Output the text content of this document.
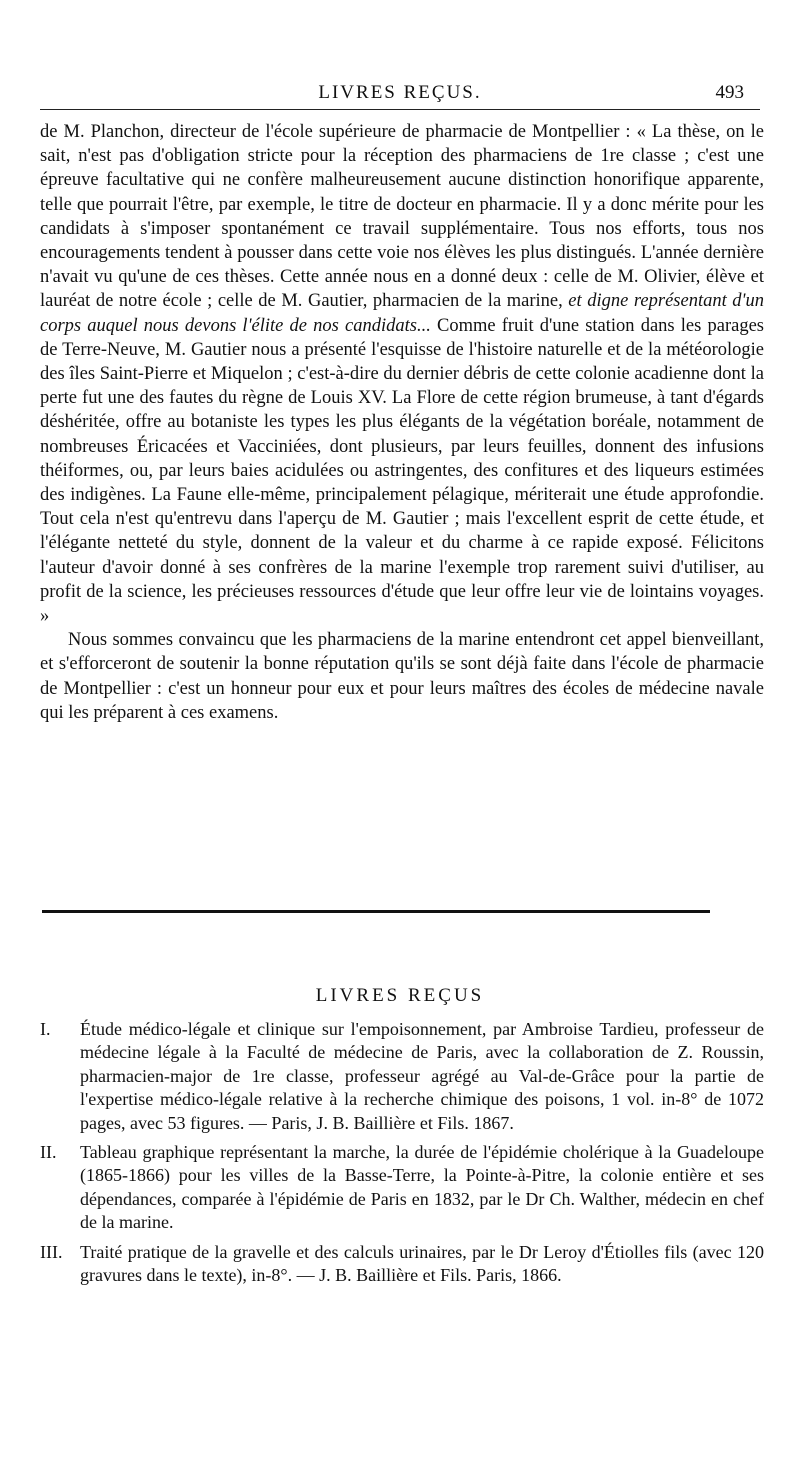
LIVRES REÇUS.	493

de M. Planchon, directeur de l'école supérieure de pharmacie de Montpellier : « La thèse, on le sait, n'est pas d'obligation stricte pour la réception des pharmaciens de 1re classe ; c'est une épreuve facultative qui ne confère malheureusement aucune distinction honorifique apparente, telle que pourrait l'être, par exemple, le titre de docteur en pharmacie. Il y a donc mérite pour les candidats à s'imposer spontanément ce travail supplémentaire. Tous nos efforts, tous nos encouragements tendent à pousser dans cette voie nos élèves les plus distingués. L'année dernière n'avait vu qu'une de ces thèses. Cette année nous en a donné deux : celle de M. Olivier, élève et lauréat de notre école ; celle de M. Gautier, pharmacien de la marine, et digne représentant d'un corps auquel nous devons l'élite de nos candidats... Comme fruit d'une station dans les parages de Terre-Neuve, M. Gautier nous a présenté l'esquisse de l'histoire naturelle et de la météorologie des îles Saint-Pierre et Miquelon ; c'est-à-dire du dernier débris de cette colonie acadienne dont la perte fut une des fautes du règne de Louis XV. La Flore de cette région brumeuse, à tant d'égards déshéritée, offre au botaniste les types les plus élégants de la végétation boréale, notamment de nombreuses Éricacées et Vacciniées, dont plusieurs, par leurs feuilles, donnent des infusions théiformes, ou, par leurs baies acidulées ou astringentes, des confitures et des liqueurs estimées des indigènes. La Faune elle-même, principalement pélagique, mériterait une étude approfondie. Tout cela n'est qu'entrevu dans l'aperçu de M. Gautier ; mais l'excellent esprit de cette étude, et l'élégante netteté du style, donnent de la valeur et du charme à ce rapide exposé. Félicitons l'auteur d'avoir donné à ses confrères de la marine l'exemple trop rarement suivi d'utiliser, au profit de la science, les précieuses ressources d'étude que leur offre leur vie de lointains voyages. »

Nous sommes convaincu que les pharmaciens de la marine entendront cet appel bienveillant, et s'efforceront de soutenir la bonne réputation qu'ils se sont déjà faite dans l'école de pharmacie de Montpellier : c'est un honneur pour eux et pour leurs maîtres des écoles de médecine navale qui les préparent à ces examens.

LIVRES REÇUS
I.	Étude médico-légale et clinique sur l'empoisonnement, par Ambroise Tardieu, professeur de médecine légale à la Faculté de médecine de Paris, avec la collaboration de Z. Roussin, pharmacien-major de 1re classe, professeur agrégé au Val-de-Grâce pour la partie de l'expertise médico-légale relative à la recherche chimique des poisons, 1 vol. in-8° de 1072 pages, avec 53 figures. — Paris, J. B. Baillière et Fils. 1867.
II.	Tableau graphique représentant la marche, la durée de l'épidémie cholérique à la Guadeloupe (1865-1866) pour les villes de la Basse-Terre, la Pointe-à-Pitre, la colonie entière et ses dépendances, comparée à l'épidémie de Paris en 1832, par le Dr Ch. Walther, médecin en chef de la marine.
III. Traité pratique de la gravelle et des calculs urinaires, par le Dr Leroy d'Étiolles fils (avec 120 gravures dans le texte), in-8°. — J. B. Baillière et Fils. Paris, 1866.
